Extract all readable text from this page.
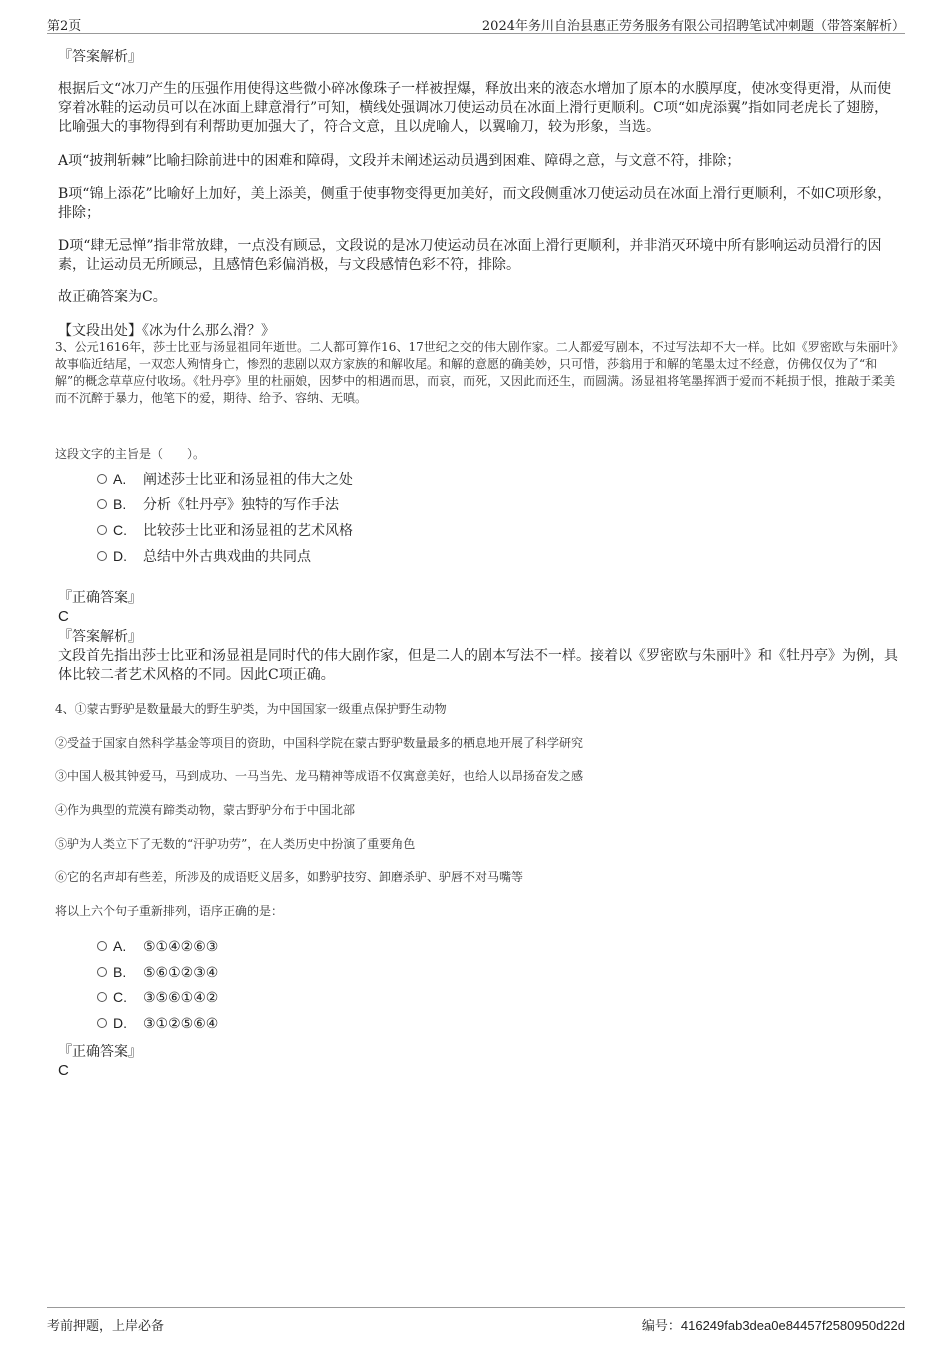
第2页	2024年务川自治县惠正劳务服务有限公司招聘笔试冲刺题（带答案解析）
『答案解析』
根据后文“冰刀产生的压强作用使得这些微小碎冰像珠子一样被捏爆，释放出来的液态水增加了原本的水膜厚度，使冰变得更滑，从而使穿着冰鞋的运动员可以在冰面上肆意滑行”可知，横线处强调冰刀使运动员在冰面上滑行更顺利。C项“如虎添翼”指如同老虎长了翅膀，比喻强大的事物得到有利帮助更加强大了，符合文意，且以虎喻人，以翼喻刀，较为形象，当选。
A项“披荆斩棘”比喻扫除前进中的困难和障碍，文段并未阐述运动员遇到困难、障碍之意，与文意不符，排除；
B项“锦上添花”比喻好上加好，美上添美，侧重于使事物变得更加美好，而文段侧重冰刀使运动员在冰面上滑行更顺利，不如C项形象，排除；
D项“肆无忌惮”指非常放肆，一点没有顾忌，文段说的是冰刀使运动员在冰面上滑行更顺利，并非消灭环境中所有影响运动员滑行的因素，让运动员无所顾忌，且感情色彩偏消极，与文段感情色彩不符，排除。
故正确答案为C。
【文段出处】《冰为什么那么滑？》
3、公元1616年，莎士比亚与汤显祖同年逝世。二人都可算作16、17世纪之交的伟大剧作家。二人都爱写剧本，不过写法却不大一样。比如《罗密欧与朱丽叶》故事临近结尾，一双恋人殉情身亡，惨烈的悲剧以双方家族的和解收尾。和解的意愿的确美妙，只可惜，莎翁用于和解的笔墨太过不经意，仿佛仅仅为了“和解”的概念草草应付收场。《牡丹亭》里的杜丽娘，因梦中的相遇而思，而哀，而死，又因此而还生，而圆满。汤显祖将笔墨挥洒于爱而不耗损于恨，推敲于柔美而不沉醉于暴力，他笔下的爱，期待、给予、容纳、无嗔。
这段文字的主旨是（　　）。
A. 阐述莎士比亚和汤显祖的伟大之处
B. 分析《牡丹亭》独特的写作手法
C. 比较莎士比亚和汤显祖的艺术风格
D. 总结中外古典戏曲的共同点
『正确答案』
C
『答案解析』
文段首先指出莎士比亚和汤显祖是同时代的伟大剧作家，但是二人的剧本写法不一样。接着以《罗密欧与朱丽叶》和《牡丹亭》为例，具体比较二者艺术风格的不同。因此C项正确。
4、①蒙古野驴是数量最大的野生驴类，为中国国家一级重点保护野生动物
②受益于国家自然科学基金等项目的资助，中国科学院在蒙古野驴数量最多的栖息地开展了科学研究
③中国人极其钟爱马，马到成功、一马当先、龙马精神等成语不仅寓意美好，也给人以昂扬奋发之感
④作为典型的荒漠有蹄类动物，蒙古野驴分布于中国北部
⑤驴为人类立下了无数的“汗驴功劳”，在人类历史中扮演了重要角色
⑥它的名声却有些差，所涉及的成语贬义居多，如黔驴技穷、卸磨杀驴、驴唇不对马嘴等
将以上六个句子重新排列，语序正确的是：
A. ⑤①④②⑥③
B. ⑤⑥①②③④
C. ③⑤⑥①④②
D. ③①②⑤⑥④
『正确答案』
C
考前押题，上岸必备	编号：416249fab3dea0e84457f2580950d22d
